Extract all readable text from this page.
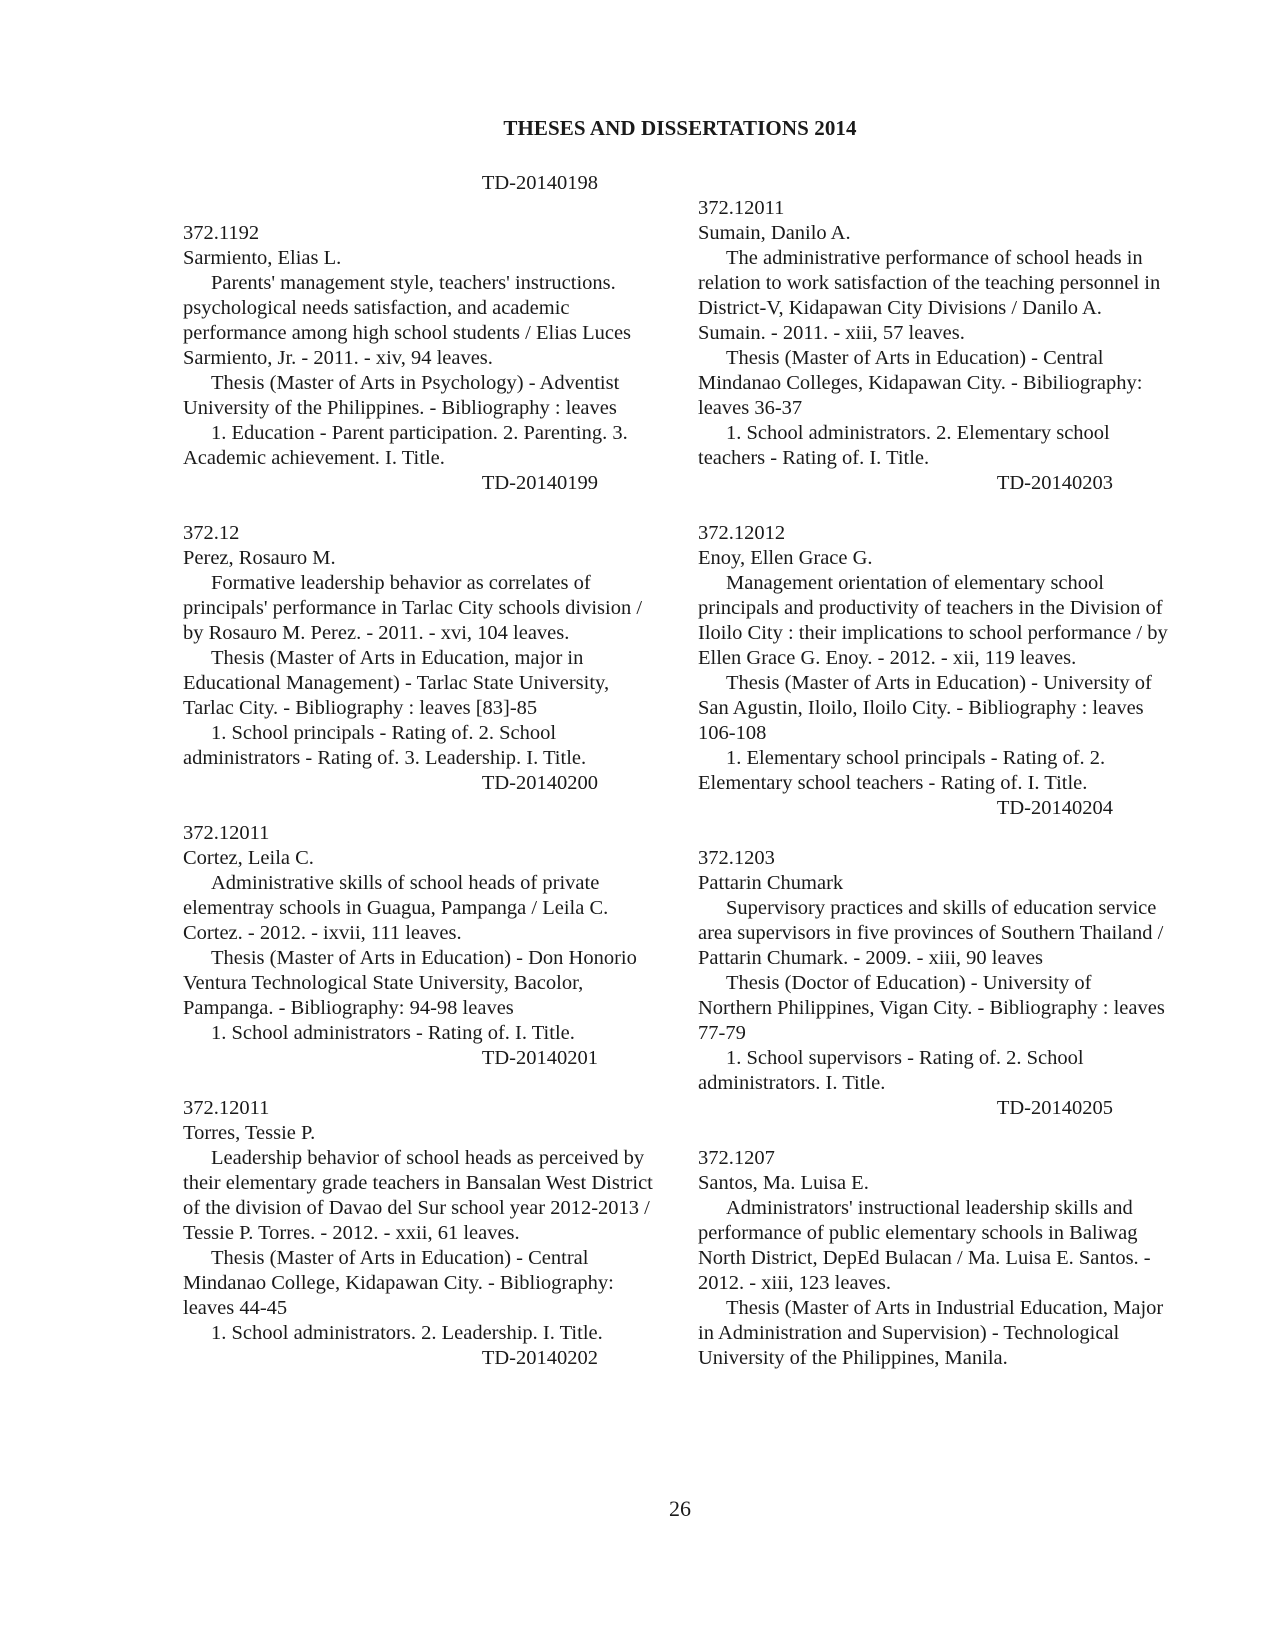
THESES AND DISSERTATIONS 2014
TD-20140198

372.1192

Sarmiento, Elias L.

Parents' management style, teachers' instructions. psychological needs satisfaction, and academic performance among high school students / Elias Luces Sarmiento, Jr. - 2011. - xiv, 94 leaves.

Thesis (Master of Arts in Psychology) - Adventist University of the Philippines. - Bibliography : leaves

1. Education - Parent participation. 2. Parenting. 3. Academic achievement. I. Title.

TD-20140199

372.12

Perez, Rosauro M.

Formative leadership behavior as correlates of principals' performance in Tarlac City schools division / by Rosauro M. Perez. - 2011. - xvi, 104 leaves.

Thesis (Master of Arts in Education, major in Educational Management) - Tarlac State University, Tarlac City. - Bibliography : leaves [83]-85

1. School principals - Rating of. 2. School administrators - Rating of. 3. Leadership. I. Title.

TD-20140200

372.12011

Cortez, Leila C.

Administrative skills of school heads of private elementray schools in Guagua, Pampanga / Leila C. Cortez. - 2012. - ixvii, 111 leaves.

Thesis (Master of Arts in Education) - Don Honorio Ventura Technological State University, Bacolor, Pampanga. - Bibliography: 94-98 leaves

1. School administrators - Rating of. I. Title.

TD-20140201

372.12011

Torres, Tessie P.

Leadership behavior of school heads as perceived by their elementary grade teachers in Bansalan West District of the division of Davao del Sur school year 2012-2013 / Tessie P. Torres. - 2012. - xxii, 61 leaves.

Thesis (Master of Arts in Education) - Central Mindanao College, Kidapawan City. - Bibliography: leaves 44-45

1. School administrators. 2. Leadership. I. Title.

TD-20140202

372.12011

Sumain, Danilo A.

The administrative performance of school heads in relation to work satisfaction of the teaching personnel in District-V, Kidapawan City Divisions / Danilo A. Sumain. - 2011. - xiii, 57 leaves.

Thesis (Master of Arts in Education) - Central Mindanao Colleges, Kidapawan City. - Bibiliography: leaves 36-37

1. School administrators. 2. Elementary school teachers - Rating of. I. Title.

TD-20140203

372.12012

Enoy, Ellen Grace G.

Management orientation of elementary school principals and productivity of teachers in the Division of Iloilo City : their implications to school performance / by Ellen Grace G. Enoy. - 2012. - xii, 119 leaves.

Thesis (Master of Arts in Education) - University of San Agustin, Iloilo, Iloilo City. - Bibliography : leaves 106-108

1. Elementary school principals - Rating of. 2. Elementary school teachers - Rating of. I. Title.

TD-20140204

372.1203

Pattarin Chumark

Supervisory practices and skills of education service area supervisors in five provinces of Southern Thailand / Pattarin Chumark. - 2009. - xiii, 90 leaves

Thesis (Doctor of Education) - University of Northern Philippines, Vigan City. - Bibliography : leaves 77-79

1. School supervisors - Rating of. 2. School administrators. I. Title.

TD-20140205

372.1207

Santos, Ma. Luisa E.

Administrators' instructional leadership skills and performance of public elementary schools in Baliwag North District, DepEd Bulacan / Ma. Luisa E. Santos. - 2012. - xiii, 123 leaves.

Thesis (Master of Arts in Industrial Education, Major in Administration and Supervision) - Technological University of the Philippines, Manila.

26
